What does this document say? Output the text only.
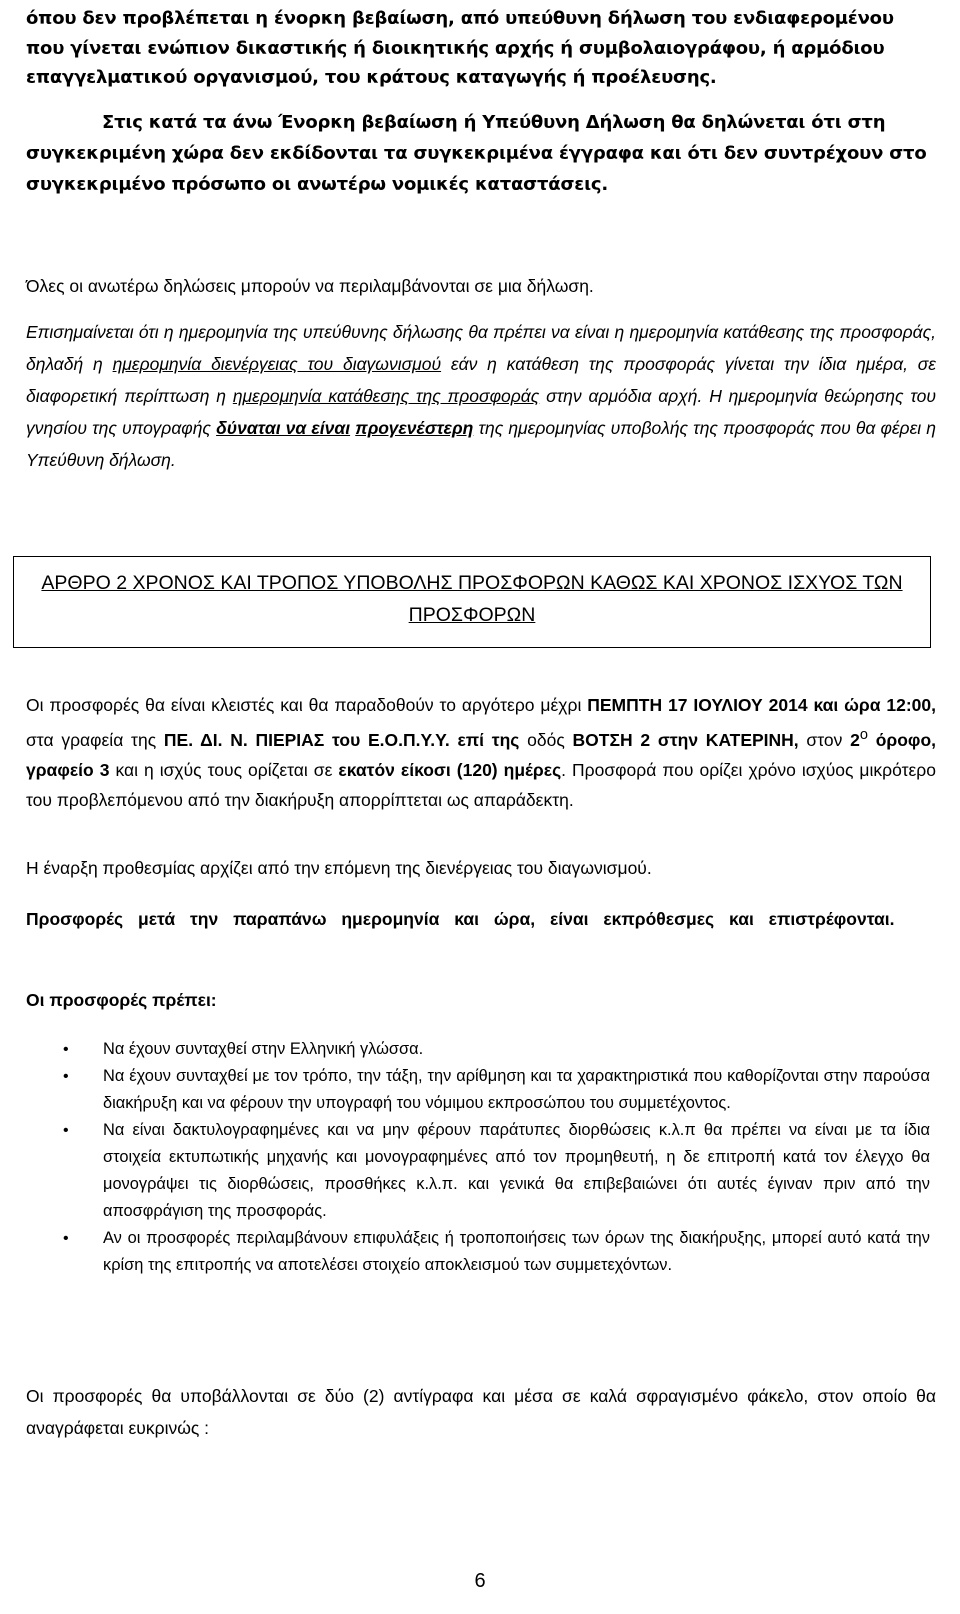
όπου δεν προβλέπεται η ένορκη βεβαίωση, από υπεύθυνη δήλωση του ενδιαφερομένου που γίνεται ενώπιον δικαστικής ή διοικητικής αρχής ή συμβολαιογράφου, ή αρμόδιου επαγγελματικού οργανισμού, του κράτους καταγωγής ή προέλευσης.

Στις κατά τα άνω Ένορκη βεβαίωση ή Υπεύθυνη Δήλωση θα δηλώνεται ότι στη συγκεκριμένη χώρα δεν εκδίδονται τα συγκεκριμένα έγγραφα και ότι δεν συντρέχουν στο συγκεκριμένο πρόσωπο οι ανωτέρω νομικές καταστάσεις.

Όλες οι ανωτέρω δηλώσεις μπορούν να περιλαμβάνονται σε μια δήλωση.

Επισημαίνεται ότι η ημερομηνία της υπεύθυνης δήλωσης θα πρέπει να είναι η ημερομηνία κατάθεσης της προσφοράς, δηλαδή η ημερομηνία διενέργειας του διαγωνισμού εάν η κατάθεση της προσφοράς γίνεται την ίδια ημέρα, σε διαφορετική περίπτωση η ημερομηνία κατάθεσης της προσφοράς στην αρμόδια αρχή. Η ημερομηνία θεώρησης του γνησίου της υπογραφής δύναται να είναι προγενέστερη της ημερομηνίας υποβολής της προσφοράς που θα φέρει η Υπεύθυνη δήλωση.

ΑΡΘΡΟ 2 ΧΡΟΝΟΣ ΚΑΙ ΤΡΟΠΟΣ ΥΠΟΒΟΛΗΣ ΠΡΟΣΦΟΡΩΝ ΚΑΘΩΣ ΚΑΙ ΧΡΟΝΟΣ ΙΣΧΥΟΣ ΤΩΝ
ΠΡΟΣΦΟΡΩΝ

Οι προσφορές θα είναι κλειστές και θα παραδοθούν το αργότερο μέχρι ΠΕΜΠΤΗ 17 ΙΟΥΛΙΟΥ 2014 και ώρα 12:00, στα γραφεία της ΠΕ. ΔΙ. Ν. ΠΙΕΡΙΑΣ του Ε.Ο.Π.Υ.Υ. επί της οδός ΒΟΤΣΗ 2 στην ΚΑΤΕΡΙΝΗ, στον $2^o$ όροφο, γραφείο 3 και η ισχύς τους ορίζεται σε εκατόν είκοσι (120) ημέρες. Προσφορά που ορίζει χρόνο ισχύος μικρότερο του προβλεπόμενου από την διακήρυξη απορρίπτεται ως απαράδεκτη.

Η έναρξη προθεσμίας αρχίζει από την επόμενη της διενέργειας του διαγωνισμού.

Προσφορές μετά την παραπάνω ημερομηνία και ώρα, είναι εκπρόθεσμες και επιστρέφονται.

Οι προσφορές πρέπει:

• Να έχουν συνταχθεί στην Ελληνική γλώσσα.
• Να έχουν συνταχθεί με τον τρόπο, την τάξη, την αρίθμηση και τα χαρακτηριστικά που καθορίζονται στην παρούσα διακήρυξη και να φέρουν την υπογραφή του νόμιμου εκπροσώπου του συμμετέχοντος.
• Να είναι δακτυλογραφημένες και να μην φέρουν παράτυπες διορθώσεις κ.λ.π θα πρέπει να είναι με τα ίδια στοιχεία εκτυπωτικής μηχανής και μονογραφημένες από τον προμηθευτή, η δε επιτροπή κατά τον έλεγχο θα μονογράψει τις διορθώσεις, προσθήκες κ.λ.π. και γενικά θα επιβεβαιώνει ότι αυτές έγιναν πριν από την αποσφράγιση της προσφοράς.
• Αν οι προσφορές περιλαμβάνουν επιφυλάξεις ή τροποποιήσεις των όρων της διακήρυξης, μπορεί αυτό κατά την κρίση της επιτροπής να αποτελέσει στοιχείο αποκλεισμού των συμμετεχόντων.

Οι προσφορές θα υποβάλλονται σε δύο (2) αντίγραφα και μέσα σε καλά σφραγισμένο φάκελο, στον οποίο θα αναγράφεται ευκρινώς :

6
